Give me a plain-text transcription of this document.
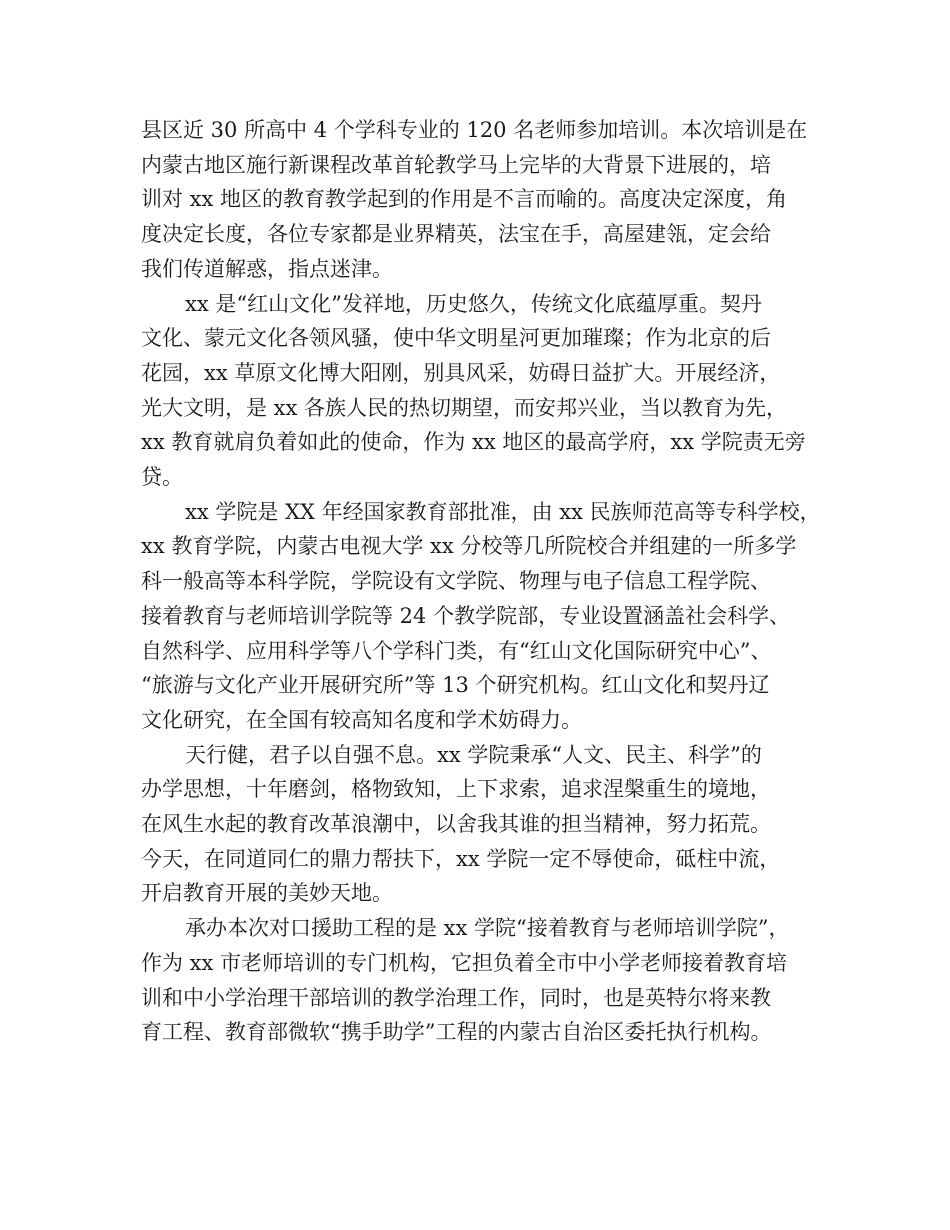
县区近 30 所高中 4 个学科专业的 120 名老师参加培训。本次培训是在
内蒙古地区施行新课程改革首轮教学马上完毕的大背景下进展的，培
训对 xx 地区的教育教学起到的作用是不言而喻的。高度决定深度，角
度决定长度，各位专家都是业界精英，法宝在手，高屋建瓴，定会给
我们传道解惑，指点迷津。
xx 是“红山文化”发祥地，历史悠久，传统文化底蕴厚重。契丹
文化、蒙元文化各领风骚，使中华文明星河更加璀璨；作为北京的后
花园，xx 草原文化博大阳刚，别具风采，妨碍日益扩大。开展经济，
光大文明，是 xx 各族人民的热切期望，而安邦兴业，当以教育为先，
xx 教育就肩负着如此的使命，作为 xx 地区的最高学府，xx 学院责无旁
贷。
xx 学院是 XX 年经国家教育部批准，由 xx 民族师范高等专科学校，
xx 教育学院，内蒙古电视大学 xx 分校等几所院校合并组建的一所多学
科一般高等本科学院，学院设有文学院、物理与电子信息工程学院、
接着教育与老师培训学院等 24 个教学院部，专业设置涵盖社会科学、
自然科学、应用科学等八个学科门类，有“红山文化国际研究中心”、
“旅游与文化产业开展研究所”等 13 个研究机构。红山文化和契丹辽
文化研究，在全国有较高知名度和学术妨碍力。
天行健，君子以自强不息。xx 学院秉承“人文、民主、科学”的
办学思想，十年磨剑，格物致知，上下求索，追求涅槃重生的境地，
在风生水起的教育改革浪潮中，以舍我其谁的担当精神，努力拓荒。
今天，在同道同仁的鼎力帮扶下，xx 学院一定不辱使命，砥柱中流，
开启教育开展的美妙天地。
承办本次对口援助工程的是 xx 学院“接着教育与老师培训学院”，
作为 xx 市老师培训的专门机构，它担负着全市中小学老师接着教育培
训和中小学治理干部培训的教学治理工作，同时，也是英特尔将来教
育工程、教育部微软“携手助学”工程的内蒙古自治区委托执行机构。
